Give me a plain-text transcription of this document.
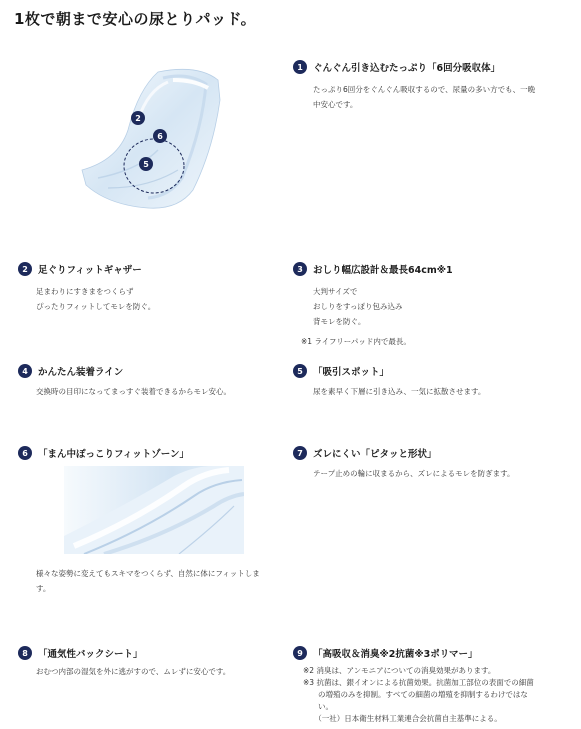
1枚で朝まで安心の尿とりパッド。
2
6
5
1	ぐんぐん引き込むたっぷり「6回分吸収体」
たっぷり6回分をぐんぐん吸収するので、尿量の多い方でも、一晩
中安心です。
2	足ぐりフィットギャザー
足まわりにすきまをつくらず
ぴったりフィットしてモレを防ぐ。
3	おしり幅広設計＆最長64cm※1
大判サイズで
おしりをすっぽり包み込み
背モレを防ぐ。
※1 ライフリーパッド内で最長。
4	かんたん装着ライン
交換時の目印になってまっすぐ装着できるからモレ安心。
5	「吸引スポット」
尿を素早く下層に引き込み、一気に拡散させます。
6	「まん中ぽっこりフィットゾーン」
様々な姿勢に変えてもスキマをつくらず、自然に体にフィットしま
す。
7	ズレにくい「ピタッと形状」
テープ止めの輪に収まるから、ズレによるモレを防ぎます。
8	「通気性バックシート」
おむつ内部の湿気を外に逃がすので、ムレずに安心です。
9	「高吸収＆消臭※2抗菌※3ポリマー」
※2 消臭は、アンモニアについての消臭効果があります。
※3 抗菌は、銀イオンによる抗菌効果。抗菌加工部位の表面での細菌
　　の増殖のみを抑制。すべての細菌の増殖を抑制するわけではな
　　い。
　　（一社）日本衛生材料工業連合会抗菌自主基準による。
